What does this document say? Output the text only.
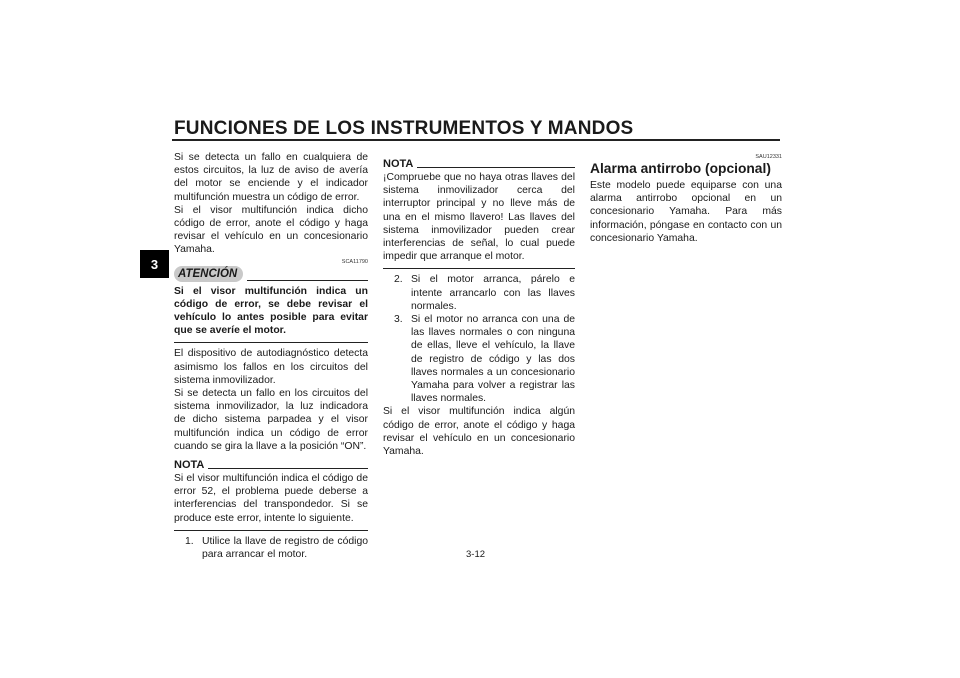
FUNCIONES DE LOS INSTRUMENTOS Y MANDOS
3

Si se detecta un fallo en cualquiera de estos circuitos, la luz de aviso de avería del motor se enciende y el indicador multifunción muestra un código de error.

Si el visor multifunción indica dicho código de error, anote el código y haga revisar el vehículo en un concesionario Yamaha.

SCA11790
ATENCIÓN

Si el visor multifunción indica un código de error, se debe revisar el vehículo lo antes posible para evitar que se averíe el motor.

El dispositivo de autodiagnóstico detecta asimismo los fallos en los circuitos del sistema inmovilizador.

Si se detecta un fallo en los circuitos del sistema inmovilizador, la luz indicadora de dicho sistema parpadea y el visor multifunción indica un código de error cuando se gira la llave a la posición “ON”.

NOTA

Si el visor multifunción indica el código de error 52, el problema puede deberse a interferencias del transpondedor. Si se produce este error, intente lo siguiente.

1. Utilice la llave de registro de código para arrancar el motor.
NOTA

¡Compruebe que no haya otras llaves del sistema inmovilizador cerca del interruptor principal y no lleve más de una en el mismo llavero! Las llaves del sistema inmovilizador pueden crear interferencias de señal, lo cual puede impedir que arranque el motor.

2. Si el motor arranca, párelo e intente arrancarlo con las llaves normales.
3. Si el motor no arranca con una de las llaves normales o con ninguna de ellas, lleve el vehículo, la llave de registro de código y las dos llaves normales a un concesionario Yamaha para volver a registrar las llaves normales.

Si el visor multifunción indica algún código de error, anote el código y haga revisar el vehículo en un concesionario Yamaha.

SAU12331
Alarma antirrobo (opcional)

Este modelo puede equiparse con una alarma antirrobo opcional en un concesionario Yamaha. Para más información, póngase en contacto con un concesionario Yamaha.

3-12
